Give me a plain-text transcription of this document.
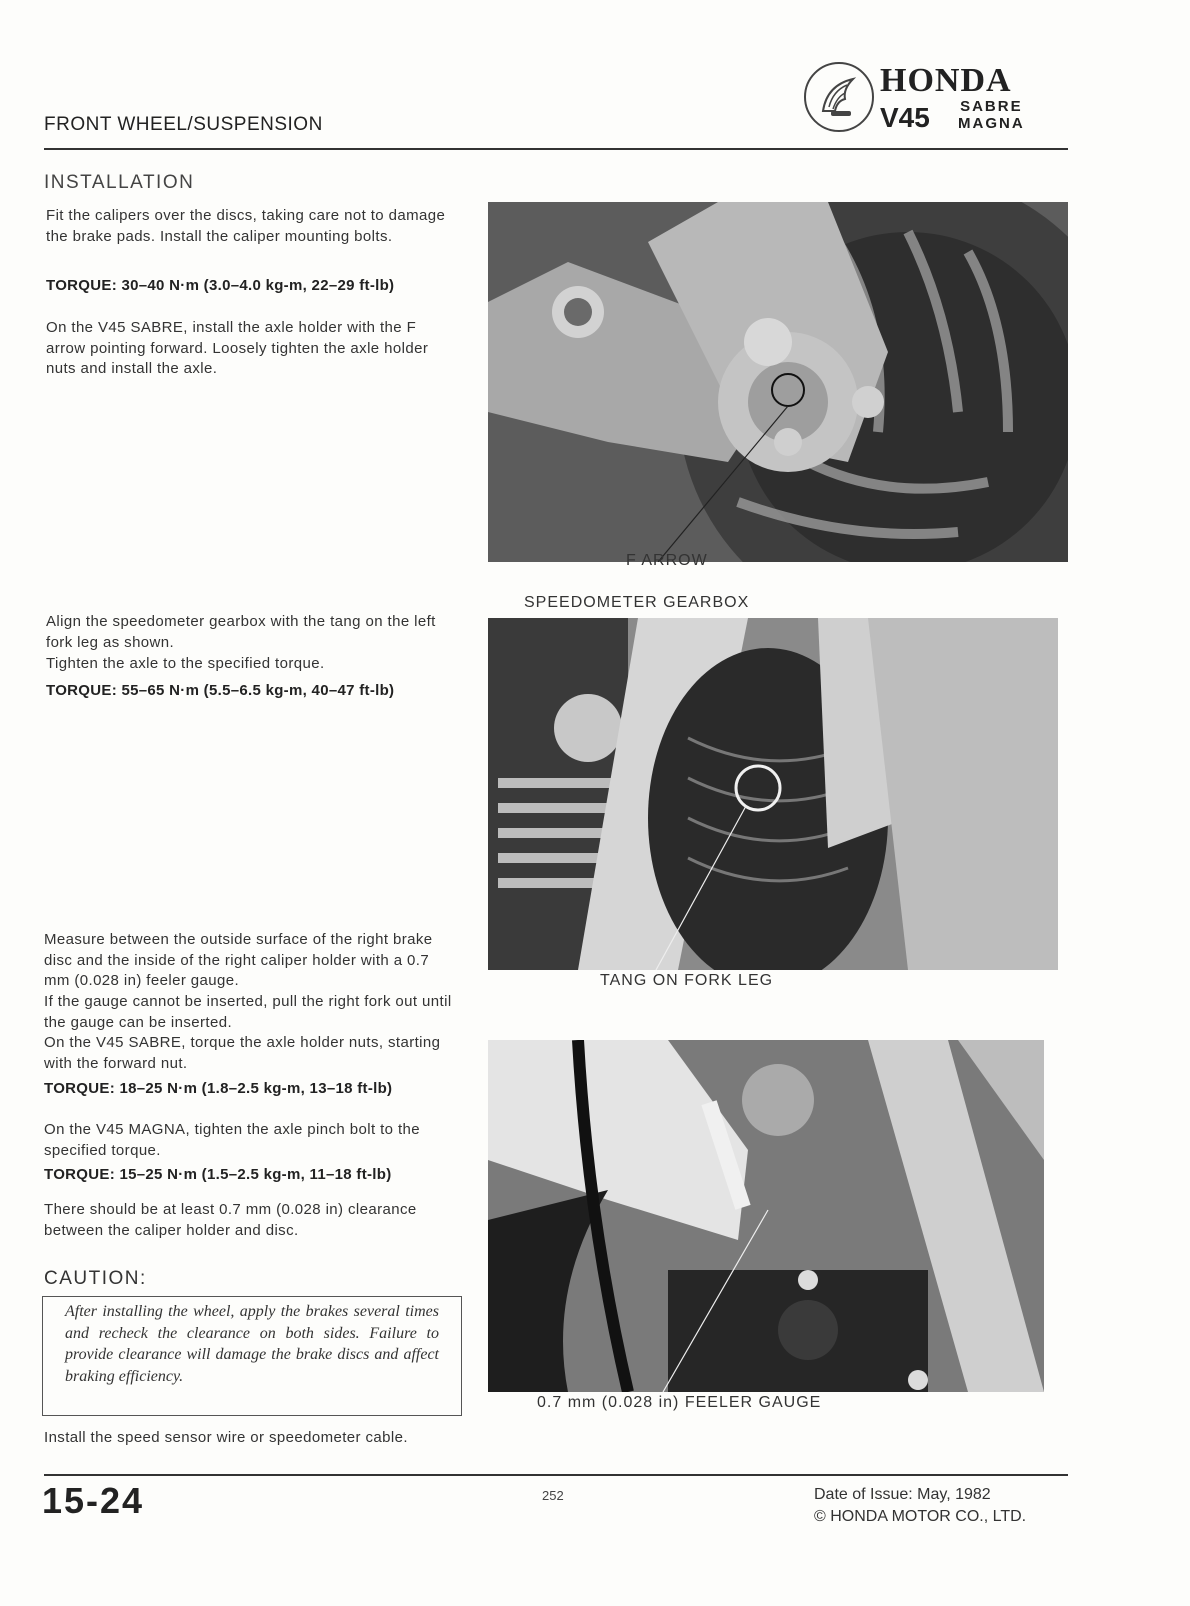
FRONT WHEEL/SUSPENSION
HONDA
V45 SABRE
MAGNA
INSTALLATION
Fit the calipers over the discs, taking care not to damage the brake pads. Install the caliper mounting bolts.
TORQUE: 30–40 N·m (3.0–4.0 kg-m, 22–29 ft-lb)
On the V45 SABRE, install the axle holder with the F arrow pointing forward. Loosely tighten the axle holder nuts and install the axle.
Align the speedometer gearbox with the tang on the left fork leg as shown.
Tighten the axle to the specified torque.
TORQUE: 55–65 N·m (5.5–6.5 kg-m, 40–47 ft-lb)
Measure between the outside surface of the right brake disc and the inside of the right caliper holder with a 0.7 mm (0.028 in) feeler gauge.
If the gauge cannot be inserted, pull the right fork out until the gauge can be inserted.
On the V45 SABRE, torque the axle holder nuts, starting with the forward nut.
TORQUE: 18–25 N·m (1.8–2.5 kg-m, 13–18 ft-lb)
On the V45 MAGNA, tighten the axle pinch bolt to the specified torque.
TORQUE: 15–25 N·m (1.5–2.5 kg-m, 11–18 ft-lb)
There should be at least 0.7 mm (0.028 in) clearance between the caliper holder and disc.
CAUTION:
After installing the wheel, apply the brakes several times and recheck the clearance on both sides. Failure to provide clearance will damage the brake discs and affect braking efficiency.
Install the speed sensor wire or speedometer cable.
F ARROW
SPEEDOMETER GEARBOX
TANG ON FORK LEG
0.7 mm (0.028 in) FEELER GAUGE
15-24	252	Date of Issue: May, 1982
© HONDA MOTOR CO., LTD.
